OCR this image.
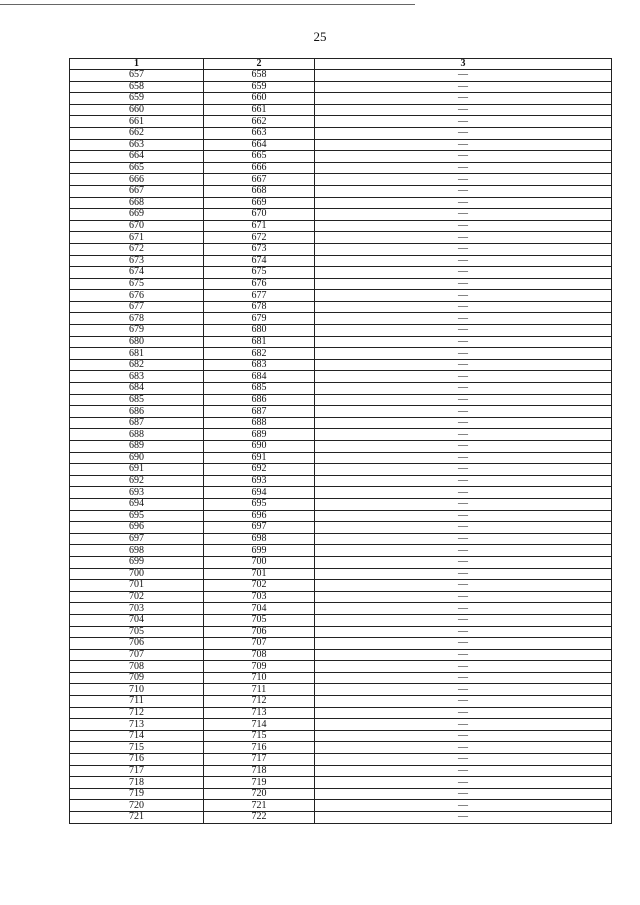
25
1	2	3
657	658	—
658	659	—
659	660	—
660	661	—
661	662	—
662	663	—
663	664	—
664	665	—
665	666	—
666	667	—
667	668	—
668	669	—
669	670	—
670	671	—
671	672	—
672	673	—
673	674	—
674	675	—
675	676	—
676	677	—
677	678	—
678	679	—
679	680	—
680	681	—
681	682	—
682	683	—
683	684	—
684	685	—
685	686	—
686	687	—
687	688	—
688	689	—
689	690	—
690	691	—
691	692	—
692	693	—
693	694	—
694	695	—
695	696	—
696	697	—
697	698	—
698	699	—
699	700	—
700	701	—
701	702	—
702	703	—
703	704	—
704	705	—
705	706	—
706	707	—
707	708	—
708	709	—
709	710	—
710	711	—
711	712	—
712	713	—
713	714	—
714	715	—
715	716	—
716	717	—
717	718	—
718	719	—
719	720	—
720	721	—
721	722	—
